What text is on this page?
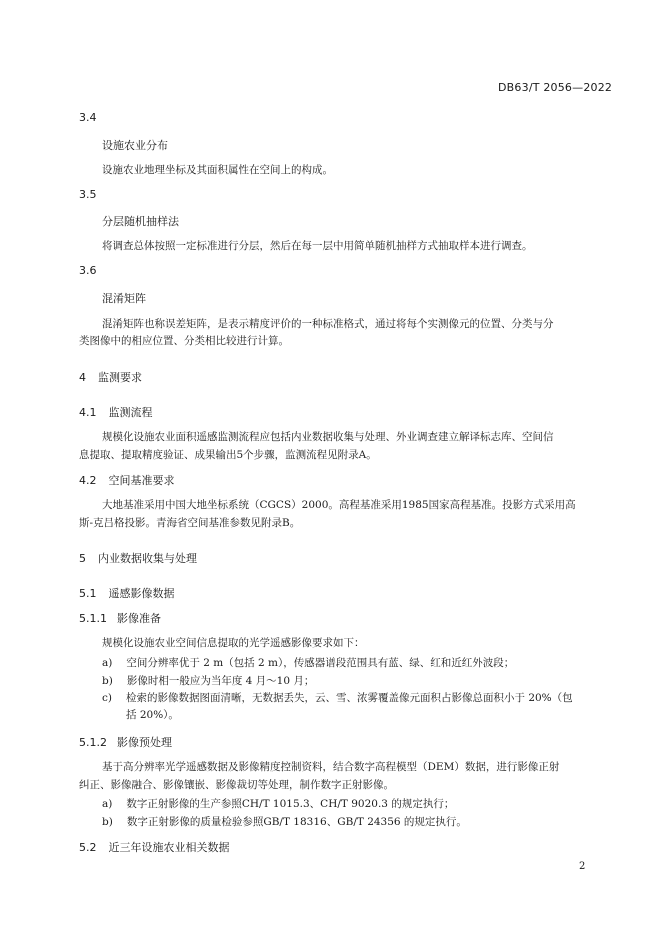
DB63/T 2056—2022
3.4
设施农业分布
设施农业地理坐标及其面积属性在空间上的构成。
3.5
分层随机抽样法
将调查总体按照一定标准进行分层，然后在每一层中用简单随机抽样方式抽取样本进行调查。
3.6
混淆矩阵
混淆矩阵也称误差矩阵，是表示精度评价的一种标准格式，通过将每个实测像元的位置、分类与分
类图像中的相应位置、分类相比较进行计算。
4 监测要求
4.1 监测流程
规模化设施农业面积遥感监测流程应包括内业数据收集与处理、外业调查建立解译标志库、空间信
息提取、提取精度验证、成果输出5个步骤，监测流程见附录A。
4.2 空间基准要求
大地基准采用中国大地坐标系统（CGCS）2000。高程基准采用1985国家高程基准。投影方式采用高
斯-克吕格投影。青海省空间基准参数见附录B。
5 内业数据收集与处理
5.1 遥感影像数据
5.1.1 影像准备
规模化设施农业空间信息提取的光学遥感影像要求如下：
a) 空间分辨率优于 2 m（包括 2 m），传感器谱段范围具有蓝、绿、红和近红外波段；
b) 影像时相一般应为当年度 4 月～10 月；
c) 检索的影像数据图面清晰，无数据丢失，云、雪、浓雾覆盖像元面积占影像总面积小于 20%（包
括 20%）。
5.1.2 影像预处理
基于高分辨率光学遥感数据及影像精度控制资料，结合数字高程模型（DEM）数据，进行影像正射
纠正、影像融合、影像镶嵌、影像裁切等处理，制作数字正射影像。
a) 数字正射影像的生产参照CH/T 1015.3、CH/T 9020.3 的规定执行；
b) 数字正射影像的质量检验参照GB/T 18316、GB/T 24356 的规定执行。
5.2 近三年设施农业相关数据
2
